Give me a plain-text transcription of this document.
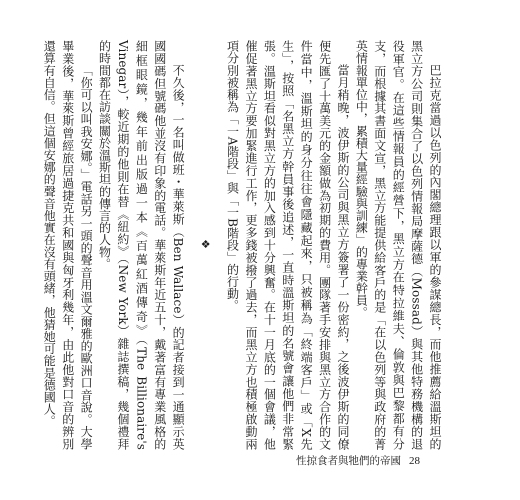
巴拉克當過以色列的內閣總理跟以軍的參謀總長，而他推薦給溫斯坦的黑立方公司則集合了以色列情報局摩薩德（Mossad）與其他特務機構的退役軍官。在這些情報員的經營下，黑立方在特拉維夫、倫敦與巴黎都有分支，而根據其書面文宣，黑立方能提供給客戶的是「在以色列等與政府的菁英情報單位中，累積大量經驗與訓練」的專業幹員。

當月稍晚，波伊斯的公司與黑立方簽署了一份密約，之後波伊斯的同僚便先匯了十萬美元的金額做為初期的費用。團隊著手安排與黑立方合作的文件當中，溫斯坦的身分往往會隱藏起來，只被稱為「終端客戶」或「X先生」，按照「名黑立方幹員事後追述，一直時溫斯坦的名號會讓他們非常緊張。溫斯坦看似對黑立方的加入感到十分興奮。在十一月底的一個會議，他催促著黑立方要加緊進行工作，更多錢被撥了過去，而黑立方也積極啟動兩項分別被稱為「一A階段」與「一B階段」的行動。

❖

不久後，一名叫做班・華萊斯（Ben Wallace）的記者接到一通顯示英國國碼但號碼他並沒有印象的電話。華萊斯年近五十，戴著富有專業風格的細框眼鏡，幾年前出版過一本《百萬紅酒傳奇》（The Billionaire's Vinegar），較近期的他則在替《紐約》（New York）雜誌撰稿，幾個禮拜的時間都在訪談關於溫斯坦的傳言的人物。

「你可以叫我安娜。」電話另一頭的聲音用溫文爾雅的歐洲口音說。大學畢業後，華萊斯曾經旅居過捷克共和國與匈牙利幾年，由此他對口音的辨別還算有自信。但這個安娜的聲音他實在沒有頭緒，他猜她可能是德國人。

性掠食者與牠們的帝國 28
